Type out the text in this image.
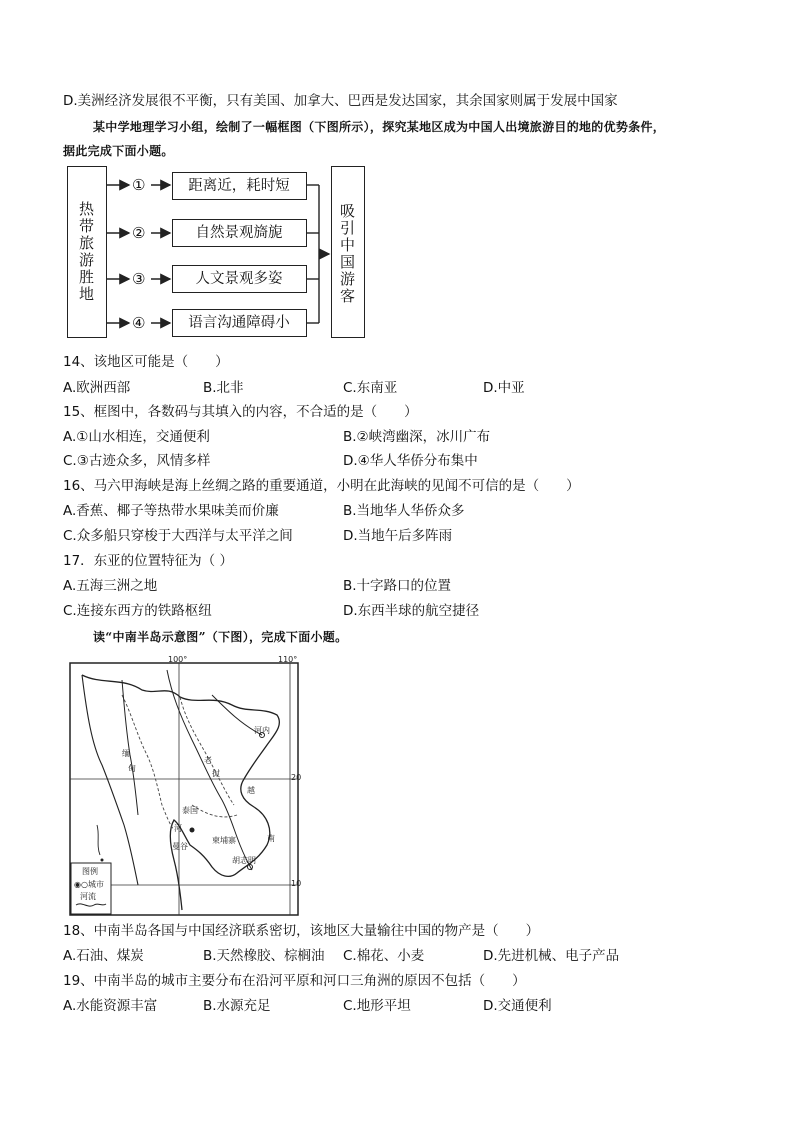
D.美洲经济发展很不平衡，只有美国、加拿大、巴西是发达国家，其余国家则属于发展中国家
某中学地理学习小组，绘制了一幅框图（下图所示），探究某地区成为中国人出境旅游目的地的优势条件，
据此完成下面小题。
热
带
旅
游
胜
地
①
②
③
④
距离近，耗时短
自然景观旖旎
人文景观多姿
语言沟通障碍小
吸
引
中
国
游
客
14、该地区可能是（　　）
A.欧洲西部	B.北非	C.东南亚	D.中亚
15、框图中，各数码与其填入的内容，不合适的是（　　）
A.①山水相连，交通便利	B.②峡湾幽深，冰川广布
C.③古迹众多，风情多样	D.④华人华侨分布集中
16、马六甲海峡是海上丝绸之路的重要通道，小明在此海峡的见闻不可信的是（　　）
A.香蕉、椰子等热带水果味美而价廉	B.当地华人华侨众多
C.众多船只穿梭于大西洋与太平洋之间	D.当地午后多阵雨
17．东亚的位置特征为（ ）
A.五海三洲之地	B.十字路口的位置
C.连接东西方的铁路枢纽	D.东西半球的航空捷径
读“中南半岛示意图”（下图），完成下面小题。
100°	110°
20
10
缅
甸
老
挝
泰国
曼谷
河
柬埔寨
胡志明
南
越
河内
图例
◉○城市
河流
18、中南半岛各国与中国经济联系密切，该地区大量输往中国的物产是（　　）
A.石油、煤炭	B.天然橡胶、棕榈油 C.棉花、小麦	D.先进机械、电子产品
19、中南半岛的城市主要分布在沿河平原和河口三角洲的原因不包括（　　）
A.水能资源丰富	B.水源充足	C.地形平坦	D.交通便利
